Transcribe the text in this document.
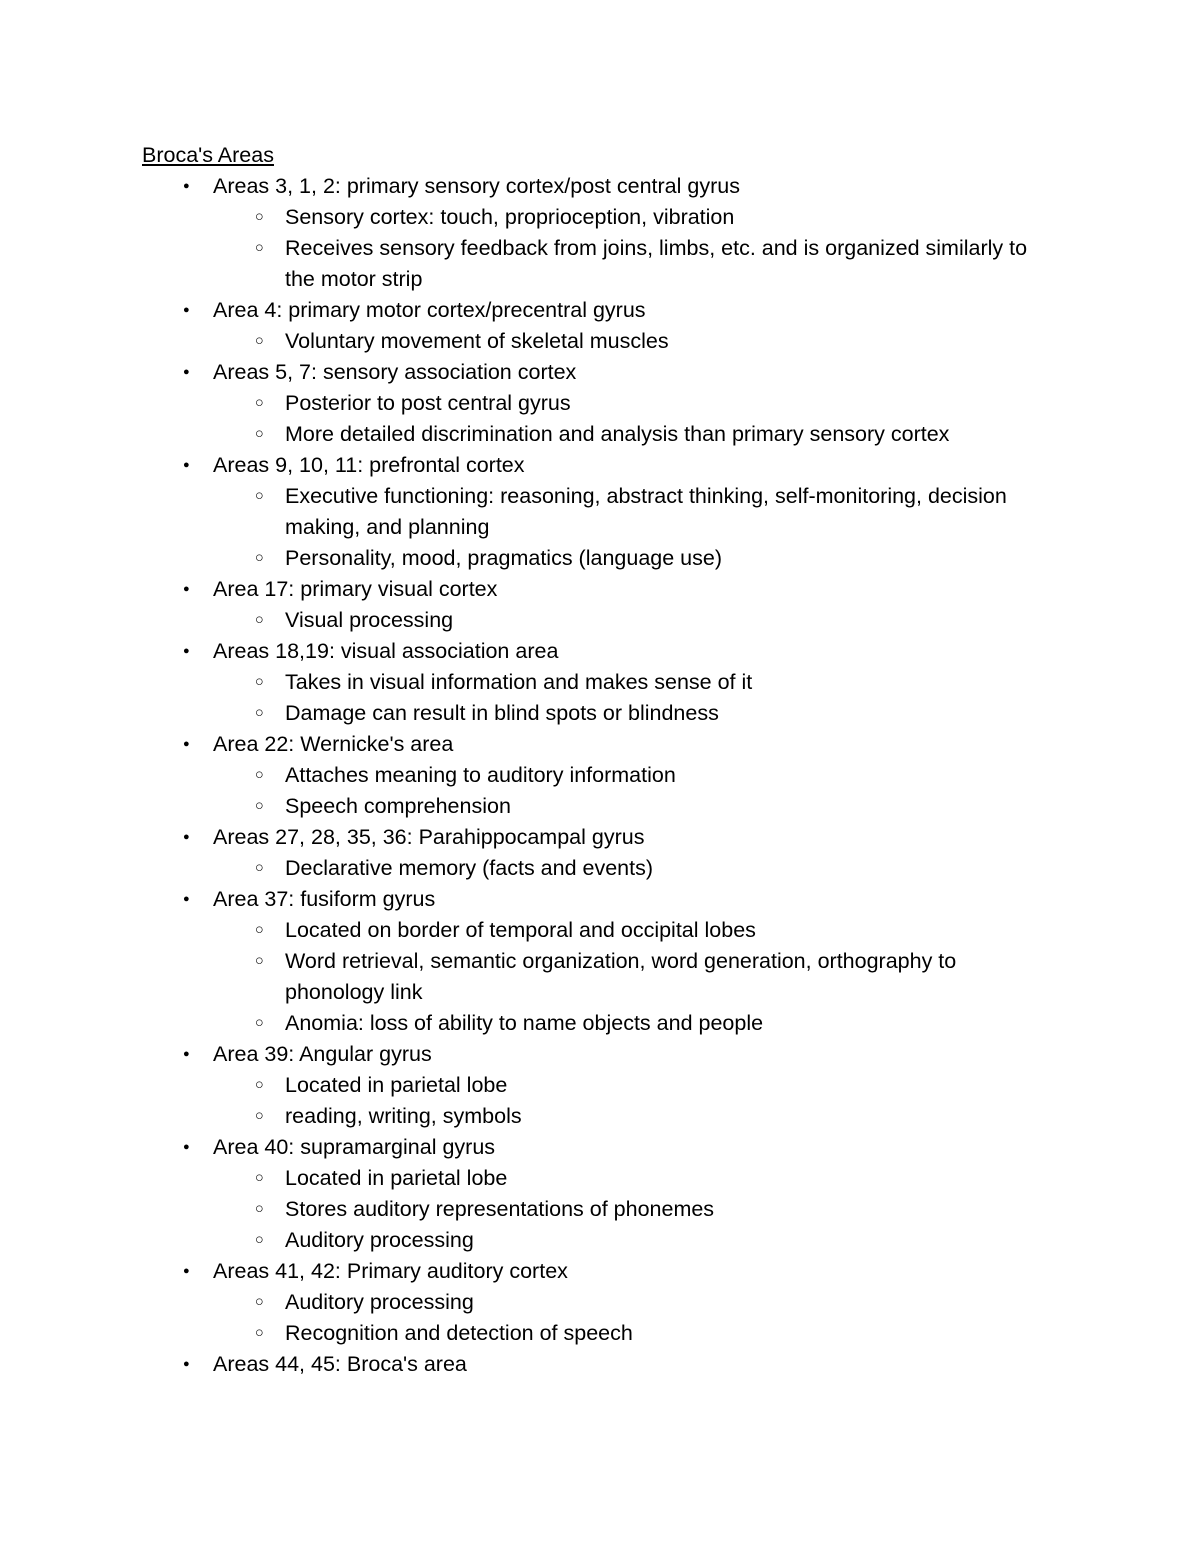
Broca's Areas
●	Areas 3, 1, 2: primary sensory cortex/post central gyrus
○ Sensory cortex: touch, proprioception, vibration
○ Receives sensory feedback from joins, limbs, etc. and is organized similarly to the motor strip
●	Area 4: primary motor cortex/precentral gyrus
○ Voluntary movement of skeletal muscles
●	Areas 5, 7: sensory association cortex
○ Posterior to post central gyrus
○ More detailed discrimination and analysis than primary sensory cortex
●	Areas 9, 10, 11: prefrontal cortex
○ Executive functioning: reasoning, abstract thinking, self-monitoring, decision making, and planning
○ Personality, mood, pragmatics (language use)
●	Area 17: primary visual cortex
○ Visual processing
●	Areas 18,19: visual association area
○ Takes in visual information and makes sense of it
○ Damage can result in blind spots or blindness
●	Area 22: Wernicke's area
○ Attaches meaning to auditory information
○ Speech comprehension
●	Areas 27, 28, 35, 36: Parahippocampal gyrus
○ Declarative memory (facts and events)
●	Area 37: fusiform gyrus
○ Located on border of temporal and occipital lobes
○ Word retrieval, semantic organization, word generation, orthography to phonology link
○ Anomia: loss of ability to name objects and people
●	Area 39: Angular gyrus
○ Located in parietal lobe
○ reading, writing, symbols
●	Area 40: supramarginal gyrus
○ Located in parietal lobe
○ Stores auditory representations of phonemes
○ Auditory processing
●	Areas 41, 42: Primary auditory cortex
○ Auditory processing
○ Recognition and detection of speech
●	Areas 44, 45: Broca's area
